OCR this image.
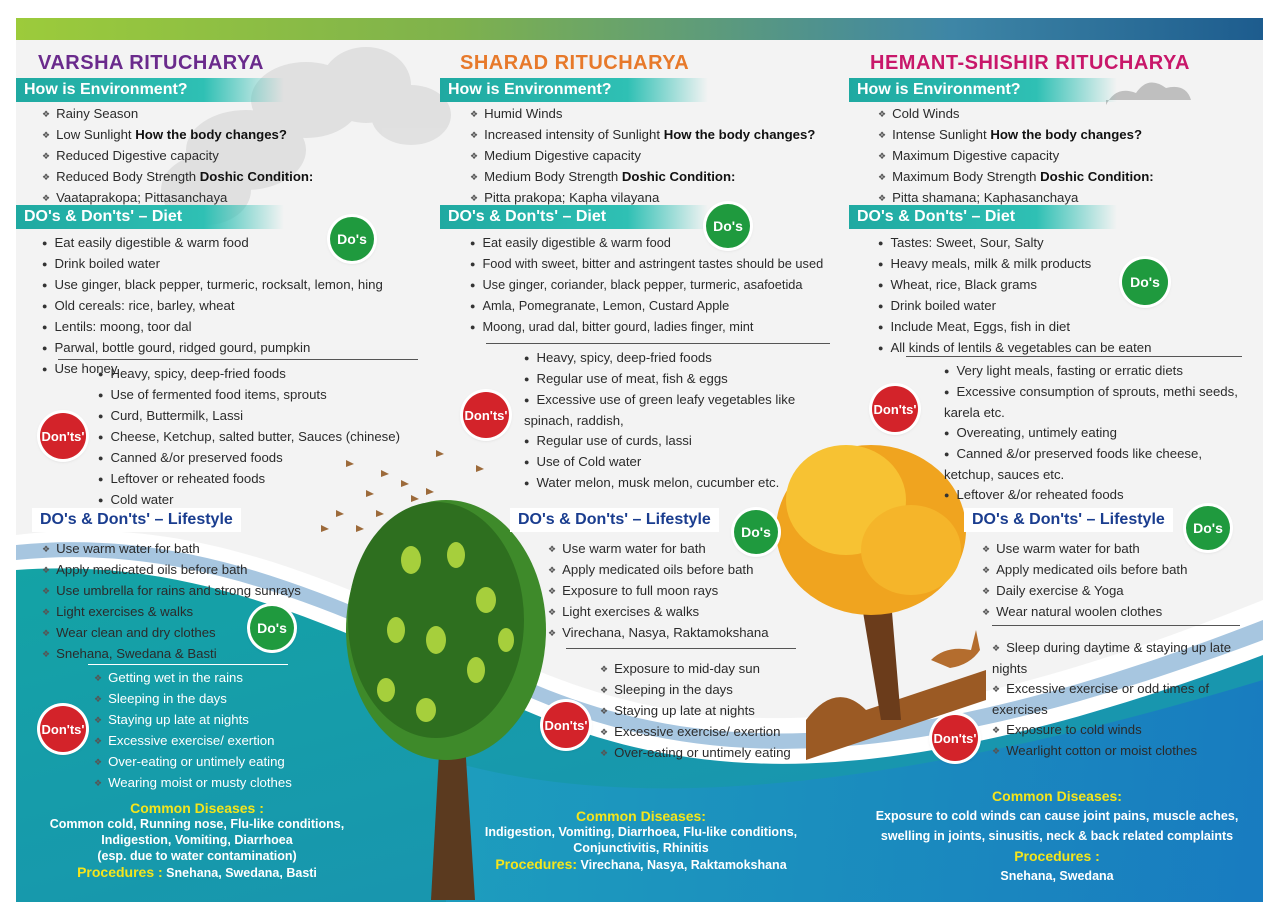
VARSHA RITUCHARYA
How is Environment?
❖ Rainy Season
❖ Low Sunlight How the body changes?
❖ Reduced Digestive capacity
❖ Reduced Body Strength Doshic Condition:
❖ Vaataprakopa; Pittasanchaya
DO's & Don'ts' – Diet
Do's
● Eat easily digestible & warm food
● Drink boiled water
● Use ginger, black pepper, turmeric, rocksalt, lemon, hing
● Old cereals: rice, barley, wheat
● Lentils: moong, toor dal
● Parwal, bottle gourd, ridged gourd, pumpkin
● Use honey
Don'ts'
● Heavy, spicy, deep-fried foods
● Use of fermented food items, sprouts
● Curd, Buttermilk, Lassi
● Cheese, Ketchup, salted butter, Sauces (chinese)
● Canned &/or preserved foods
● Leftover or reheated foods
● Cold water
DO's & Don'ts' – Lifestyle
❖ Use warm water for bath
❖ Apply medicated oils before bath
❖ Use umbrella for rains and strong sunrays
❖ Light exercises & walks
❖ Wear clean and dry clothes
❖ Snehana, Swedana & Basti
Do's
Don'ts'
❖ Getting wet in the rains
❖ Sleeping in the days
❖ Staying up late at nights
❖ Excessive exercise/ exertion
❖ Over-eating or untimely eating
❖ Wearing moist or musty clothes
Common Diseases :
Common cold, Running nose, Flu-like conditions,
Indigestion, Vomiting, Diarrhoea
(esp. due to water contamination)
Procedures : Snehana, Swedana, Basti
SHARAD RITUCHARYA
How is Environment?
❖ Humid Winds
❖ Increased intensity of Sunlight How the body changes?
❖ Medium Digestive capacity
❖ Medium Body Strength Doshic Condition:
❖ Pitta prakopa; Kapha vilayana
DO's & Don'ts' – Diet
Do's
● Eat easily digestible & warm food
● Food with sweet, bitter and astringent tastes should be used
● Use ginger, coriander, black pepper, turmeric, asafoetida
● Amla, Pomegranate, Lemon, Custard Apple
● Moong, urad dal, bitter gourd, ladies finger, mint
Don'ts'
● Heavy, spicy, deep-fried foods
● Regular use of meat, fish & eggs
● Excessive use of green leafy vegetables like spinach, raddish,
● Regular use of curds, lassi
● Use of Cold water
● Water melon, musk melon, cucumber etc.
DO's & Don'ts' – Lifestyle
Do's
❖ Use warm water for bath
❖ Apply medicated oils before bath
❖ Exposure to full moon rays
❖ Light exercises & walks
❖ Virechana, Nasya, Raktamokshana
Don'ts'
❖ Exposure to mid-day sun
❖ Sleeping in the days
❖ Staying up late at nights
❖ Excessive exercise/ exertion
❖ Over-eating or untimely eating
Common Diseases:
Indigestion, Vomiting, Diarrhoea, Flu-like conditions,
Conjunctivitis, Rhinitis
Procedures: Virechana, Nasya, Raktamokshana
HEMANT-SHISHIR RITUCHARYA
How is Environment?
❖ Cold Winds
❖ Intense Sunlight How the body changes?
❖ Maximum Digestive capacity
❖ Maximum Body Strength Doshic Condition:
❖ Pitta shamana; Kaphasanchaya
DO's & Don'ts' – Diet
Do's
● Tastes: Sweet, Sour, Salty
● Heavy meals, milk & milk products
● Wheat, rice, Black grams
● Drink boiled water
● Include Meat, Eggs, fish in diet
● All kinds of lentils & vegetables can be eaten
Don'ts'
● Very light meals, fasting or erratic diets
● Excessive consumption of sprouts, methi seeds, karela etc.
● Overeating, untimely eating
● Canned &/or preserved foods like cheese, ketchup, sauces etc.
● Leftover &/or reheated foods
DO's & Don'ts' – Lifestyle	Do's
❖ Use warm water for bath
❖ Apply medicated oils before bath
❖ Daily exercise & Yoga
❖ Wear natural woolen clothes
Don'ts'
❖ Sleep during daytime & staying up late nights
❖ Excessive exercise or odd times of exercises
❖ Exposure to cold winds
❖ Wearlight cotton or moist clothes
Common Diseases:
Exposure to cold winds can cause joint pains, muscle aches,
swelling in joints, sinusitis, neck & back related complaints
Procedures :
Snehana, Swedana
